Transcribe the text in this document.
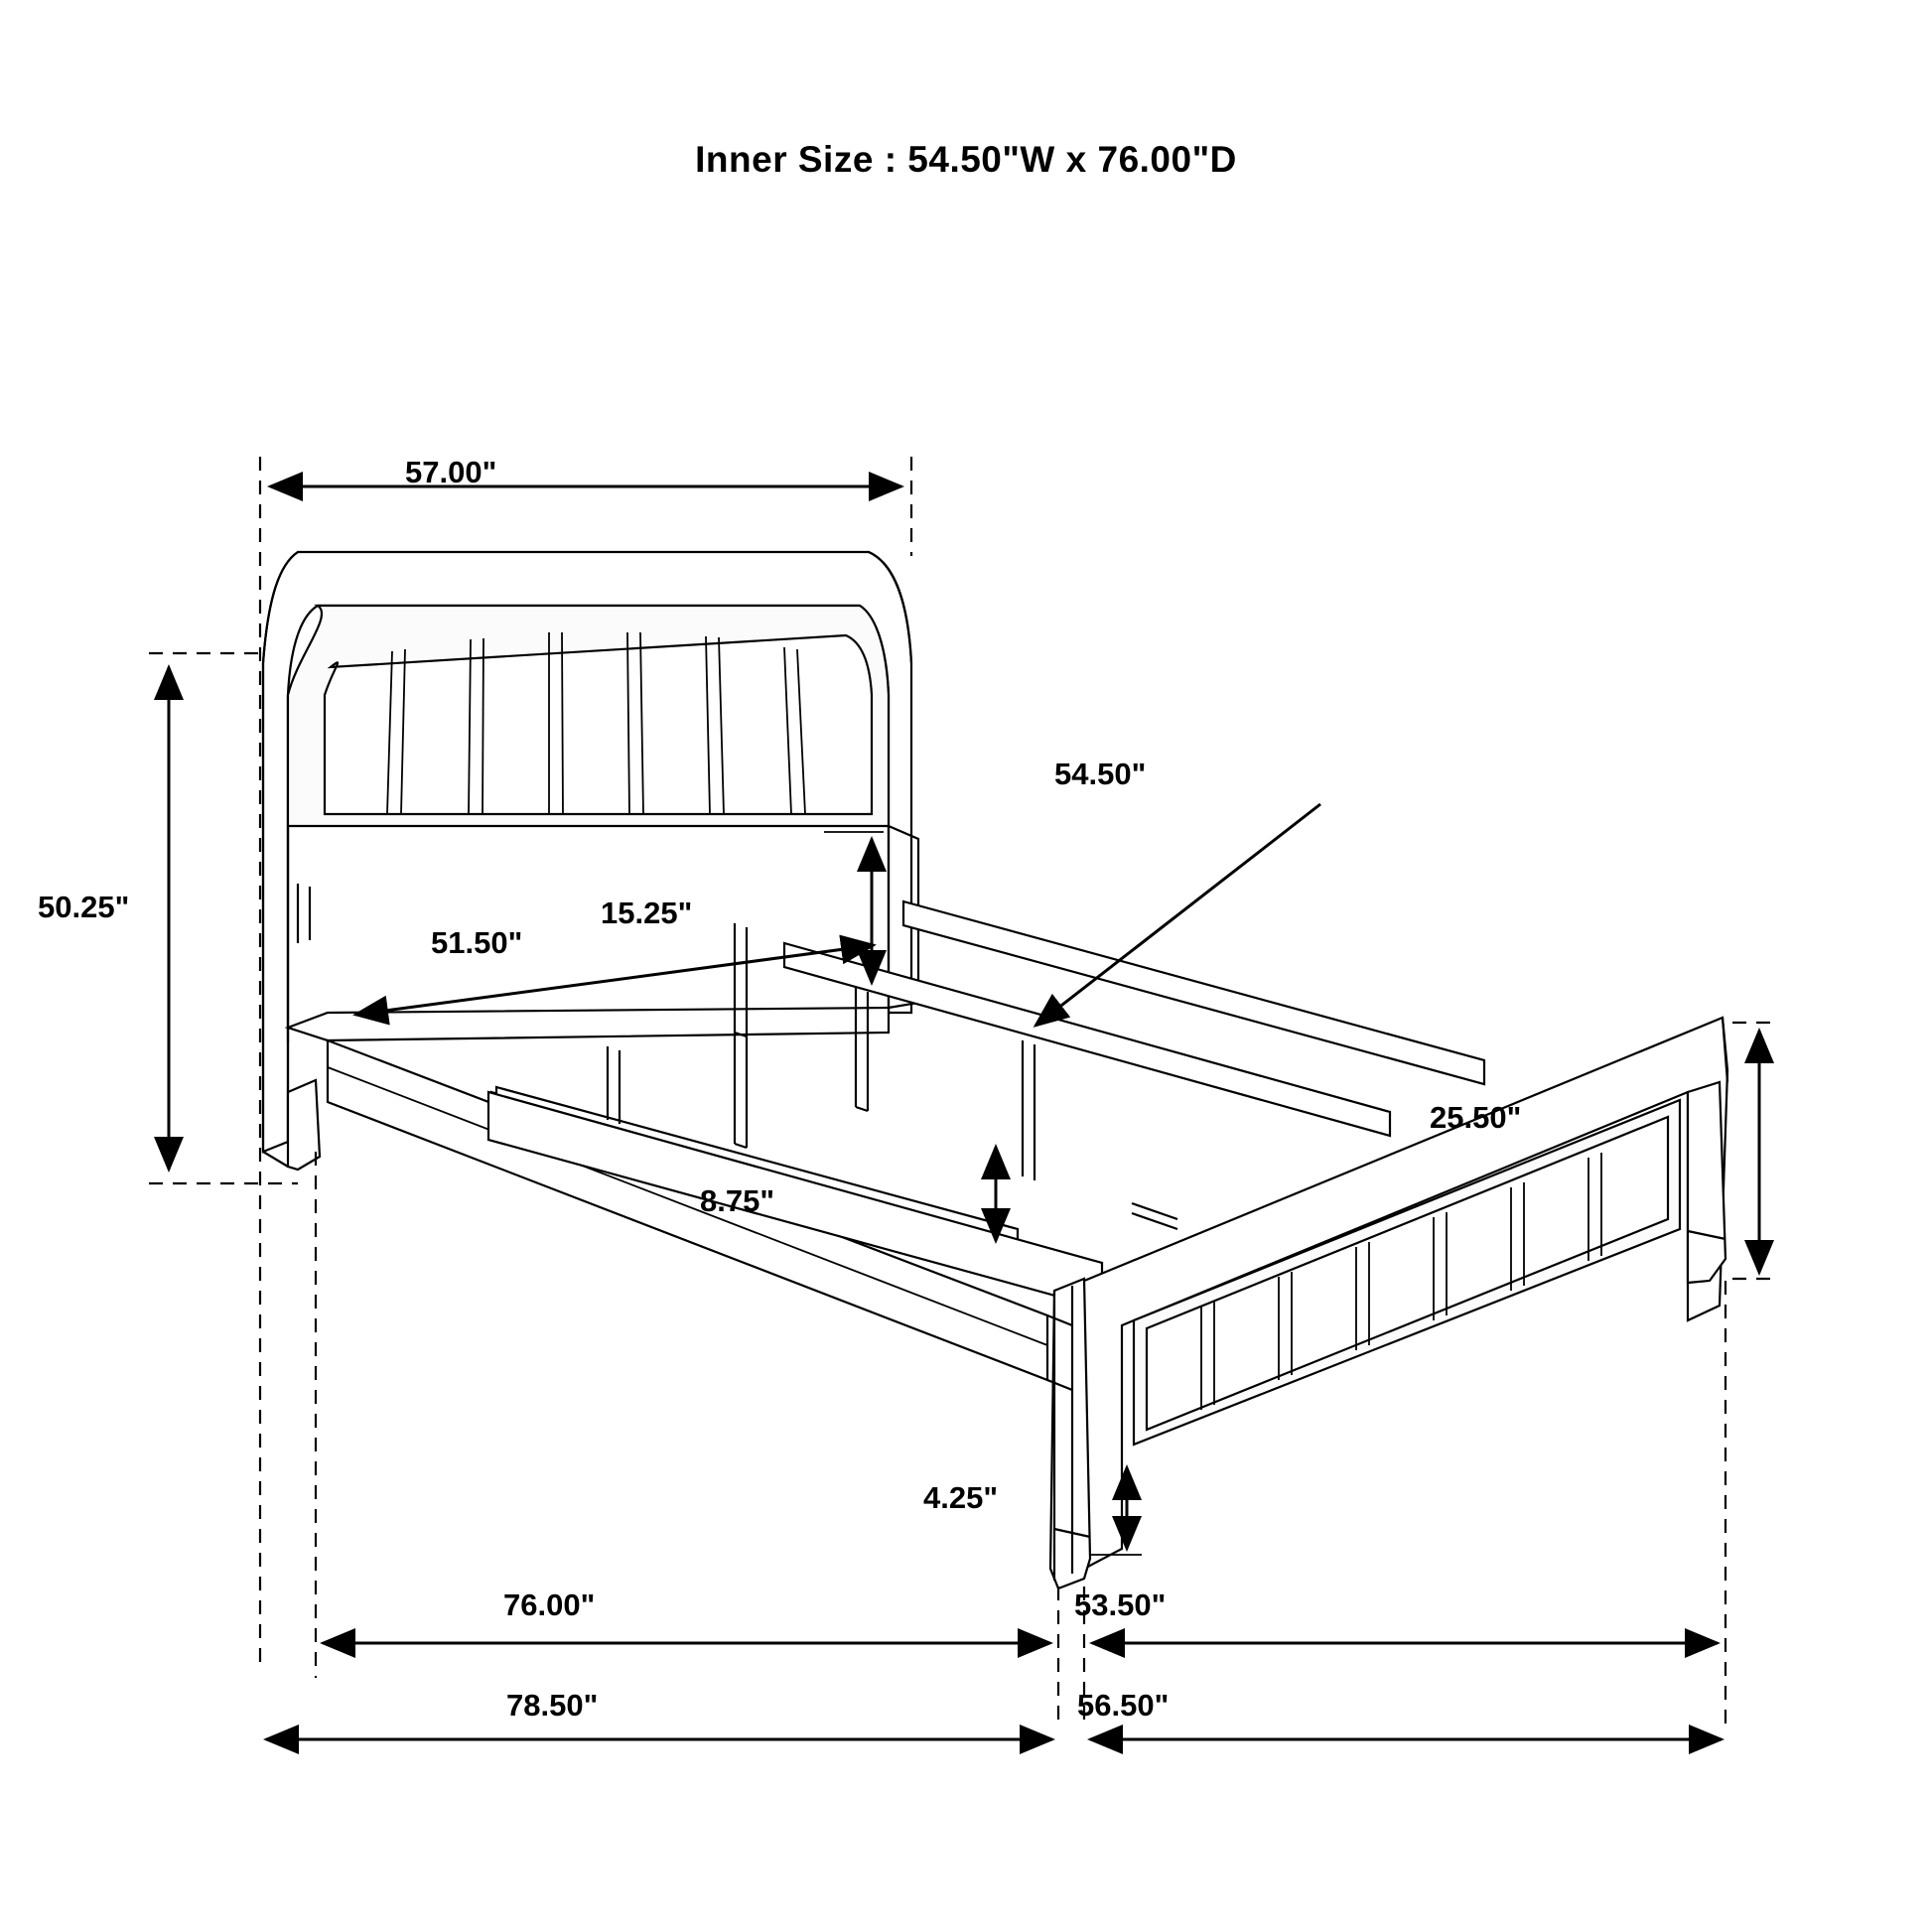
Inner Size : 54.50"W x 76.00"D
57.00"
50.25"
54.50"
15.25"
51.50"
25.50"
8.75"
4.25"
76.00"	53.50"
78.50"	56.50"
